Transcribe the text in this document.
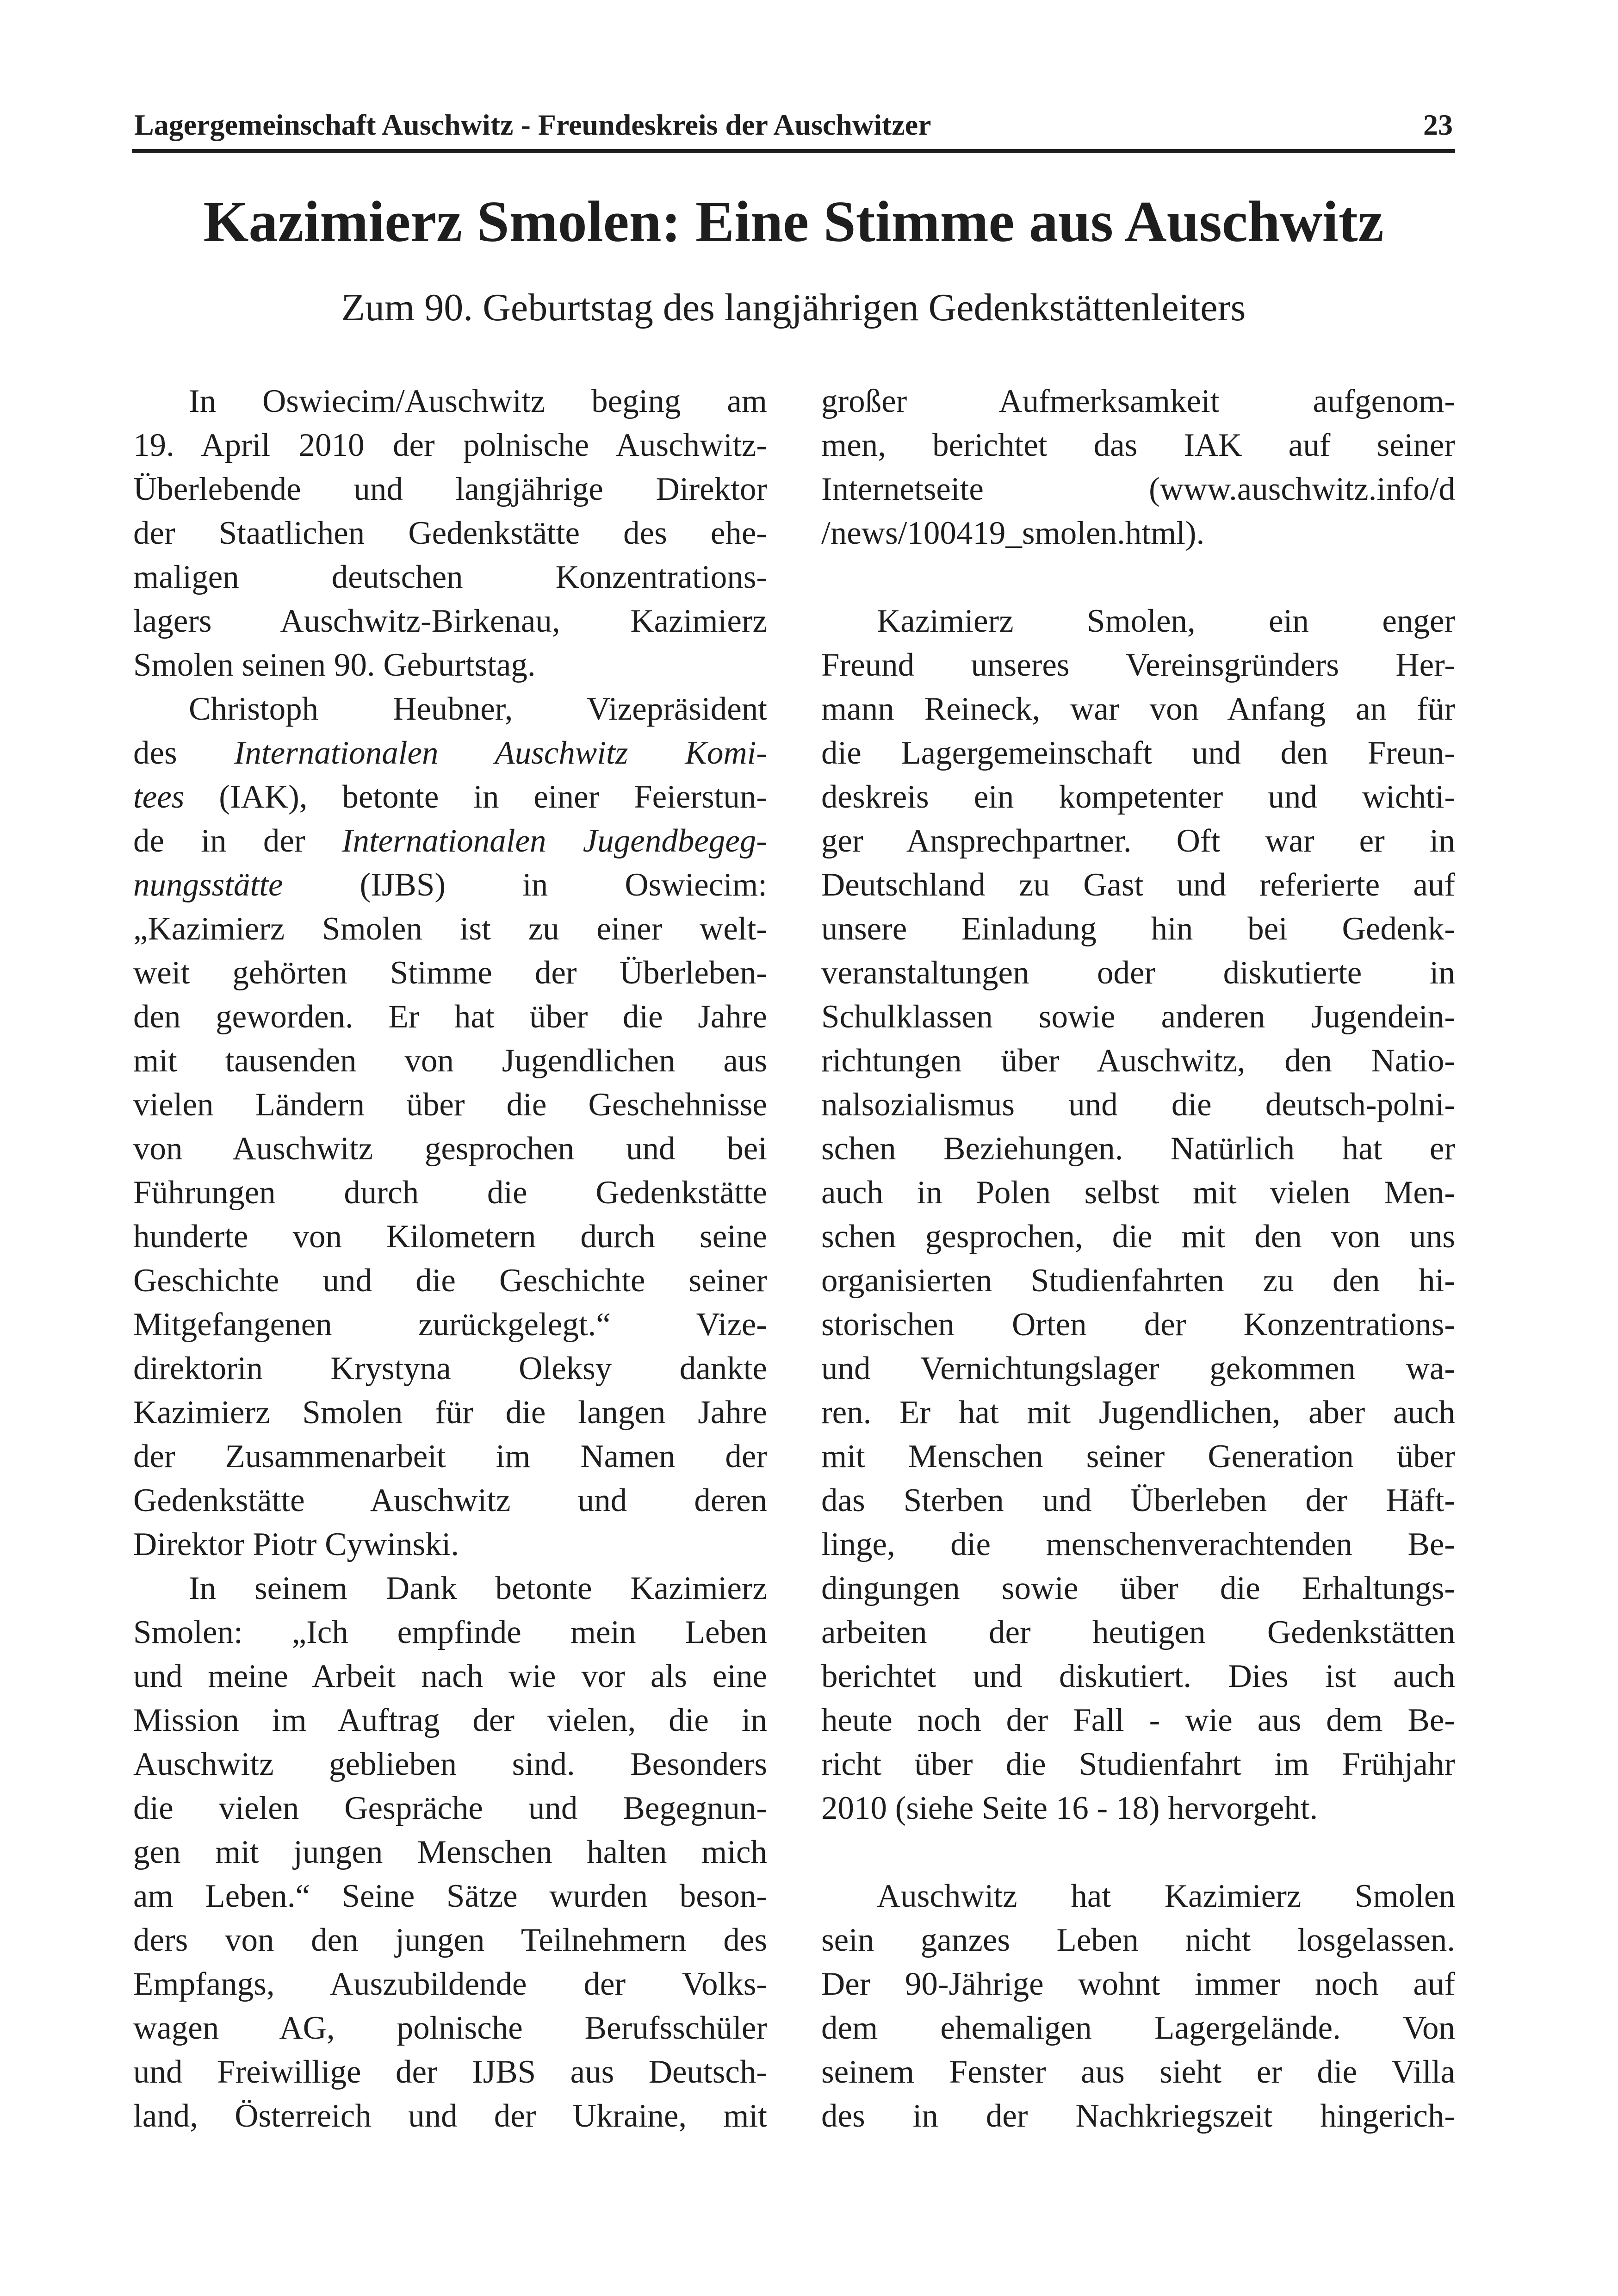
Lagergemeinschaft Auschwitz - Freundeskreis der Auschwitzer	23
Kazimierz Smolen: Eine Stimme aus Auschwitz
Zum 90. Geburtstag des langjährigen Gedenkstättenleiters
In Oswiecim/Auschwitz beging am
19. April 2010 der polnische Auschwitz-
Überlebende und langjährige Direktor
der Staatlichen Gedenkstätte des ehe-
maligen deutschen Konzentrations-
lagers Auschwitz-Birkenau, Kazimierz
Smolen seinen 90. Geburtstag.
Christoph Heubner, Vizepräsident
des Internationalen Auschwitz Komi-
tees (IAK), betonte in einer Feierstun-
de in der Internationalen Jugendbegeg-
nungsstätte (IJBS) in Oswiecim:
„Kazimierz Smolen ist zu einer welt-
weit gehörten Stimme der Überleben-
den geworden. Er hat über die Jahre
mit tausenden von Jugendlichen aus
vielen Ländern über die Geschehnisse
von Auschwitz gesprochen und bei
Führungen durch die Gedenkstätte
hunderte von Kilometern durch seine
Geschichte und die Geschichte seiner
Mitgefangenen zurückgelegt.“ Vize-
direktorin Krystyna Oleksy dankte
Kazimierz Smolen für die langen Jahre
der Zusammenarbeit im Namen der
Gedenkstätte Auschwitz und deren
Direktor Piotr Cywinski.
In seinem Dank betonte Kazimierz
Smolen: „Ich empfinde mein Leben
und meine Arbeit nach wie vor als eine
Mission im Auftrag der vielen, die in
Auschwitz geblieben sind. Besonders
die vielen Gespräche und Begegnun-
gen mit jungen Menschen halten mich
am Leben.“ Seine Sätze wurden beson-
ders von den jungen Teilnehmern des
Empfangs, Auszubildende der Volks-
wagen AG, polnische Berufsschüler
und Freiwillige der IJBS aus Deutsch-
land, Österreich und der Ukraine, mit
großer Aufmerksamkeit aufgenom-
men, berichtet das IAK auf seiner
Internetseite (www.auschwitz.info/d
/news/100419_smolen.html).
Kazimierz Smolen, ein enger
Freund unseres Vereinsgründers Her-
mann Reineck, war von Anfang an für
die Lagergemeinschaft und den Freun-
deskreis ein kompetenter und wichti-
ger Ansprechpartner. Oft war er in
Deutschland zu Gast und referierte auf
unsere Einladung hin bei Gedenk-
veranstaltungen oder diskutierte in
Schulklassen sowie anderen Jugendein-
richtungen über Auschwitz, den Natio-
nalsozialismus und die deutsch-polni-
schen Beziehungen. Natürlich hat er
auch in Polen selbst mit vielen Men-
schen gesprochen, die mit den von uns
organisierten Studienfahrten zu den hi-
storischen Orten der Konzentrations-
und Vernichtungslager gekommen wa-
ren. Er hat mit Jugendlichen, aber auch
mit Menschen seiner Generation über
das Sterben und Überleben der Häft-
linge, die menschenverachtenden Be-
dingungen sowie über die Erhaltungs-
arbeiten der heutigen Gedenkstätten
berichtet und diskutiert. Dies ist auch
heute noch der Fall - wie aus dem Be-
richt über die Studienfahrt im Frühjahr
2010 (siehe Seite 16 - 18) hervorgeht.
Auschwitz hat Kazimierz Smolen
sein ganzes Leben nicht losgelassen.
Der 90-Jährige wohnt immer noch auf
dem ehemaligen Lagergelände. Von
seinem Fenster aus sieht er die Villa
des in der Nachkriegszeit hingerich-
